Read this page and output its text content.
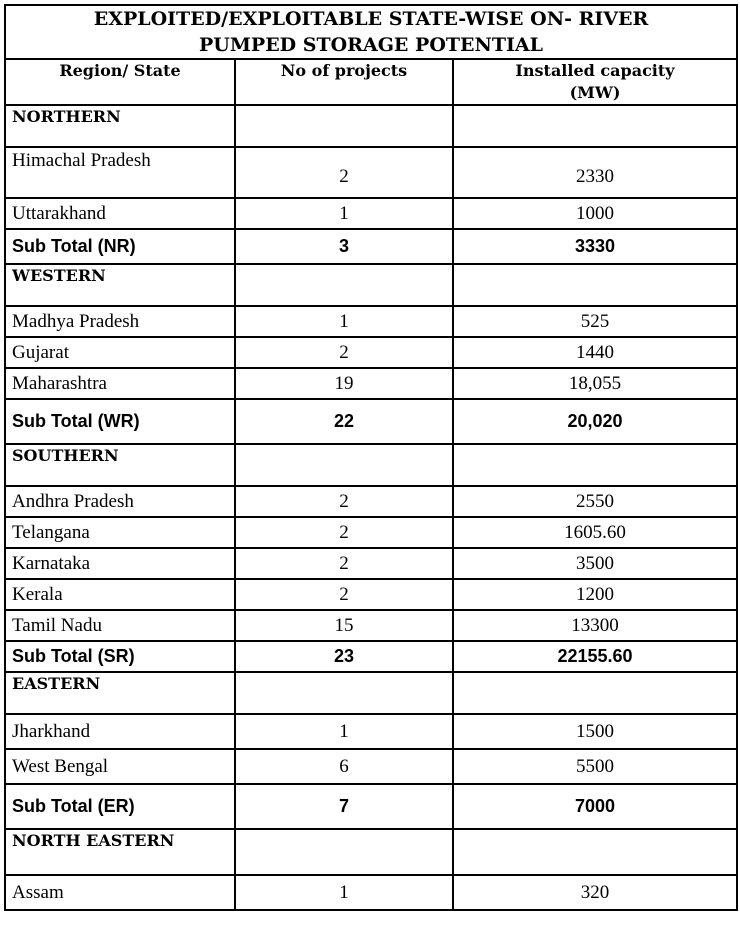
EXPLOITED/EXPLOITABLE STATE-WISE ON- RIVER
PUMPED STORAGE POTENTIAL		
Region/ State	No of projects	Installed capacity
(MW)
NORTHERN		
Himachal Pradesh	2	2330
Uttarakhand	1	1000
Sub Total (NR)	3	3330
WESTERN		
Madhya Pradesh	1	525
Gujarat	2	1440
Maharashtra	19	18,055
Sub Total (WR)	22	20,020
SOUTHERN		
Andhra Pradesh	2	2550
Telangana	2	1605.60
Karnataka	2	3500
Kerala	2	1200
Tamil Nadu	15	13300
Sub Total (SR)	23	22155.60
EASTERN		
Jharkhand	1	1500
West Bengal	6	5500
Sub Total (ER)	7	7000
NORTH EASTERN		
Assam	1	320
